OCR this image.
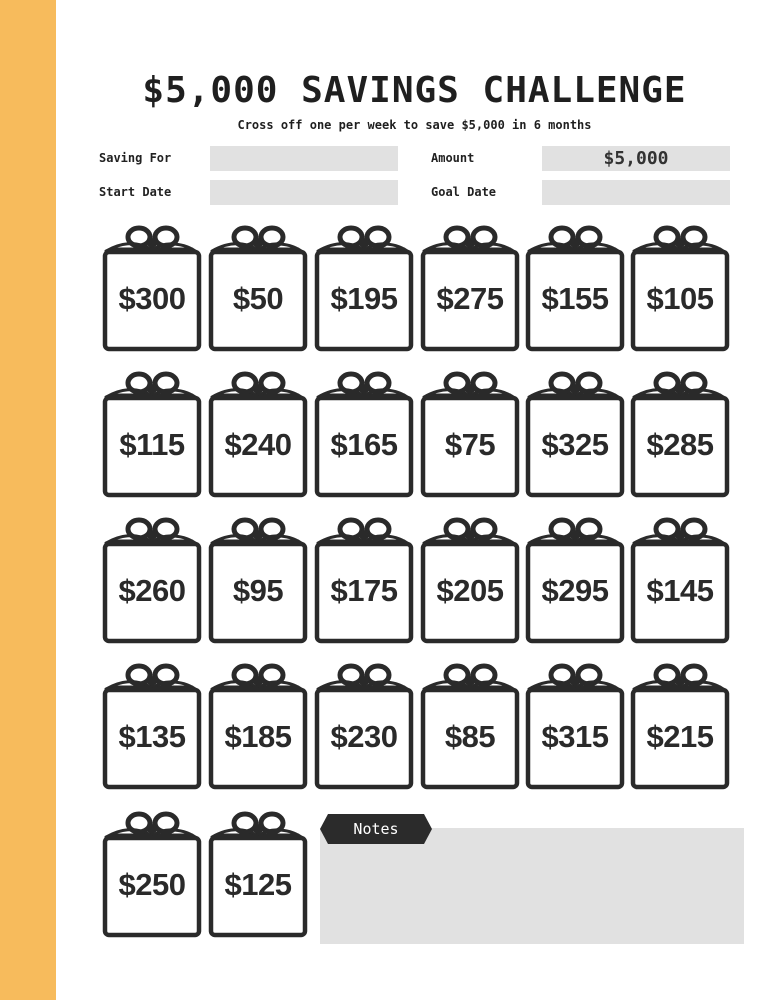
$5,000 SAVINGS CHALLENGE
Cross off one per week to save $5,000 in 6 months
Saving For	Amount	$5,000
Start Date	Goal Date
$300	$50	$195	$275	$155	$105
$115	$240	$165	$75	$325	$285
$260	$95	$175	$205	$295	$145
$135	$185	$230	$85	$315	$215
$250	$125
Notes
